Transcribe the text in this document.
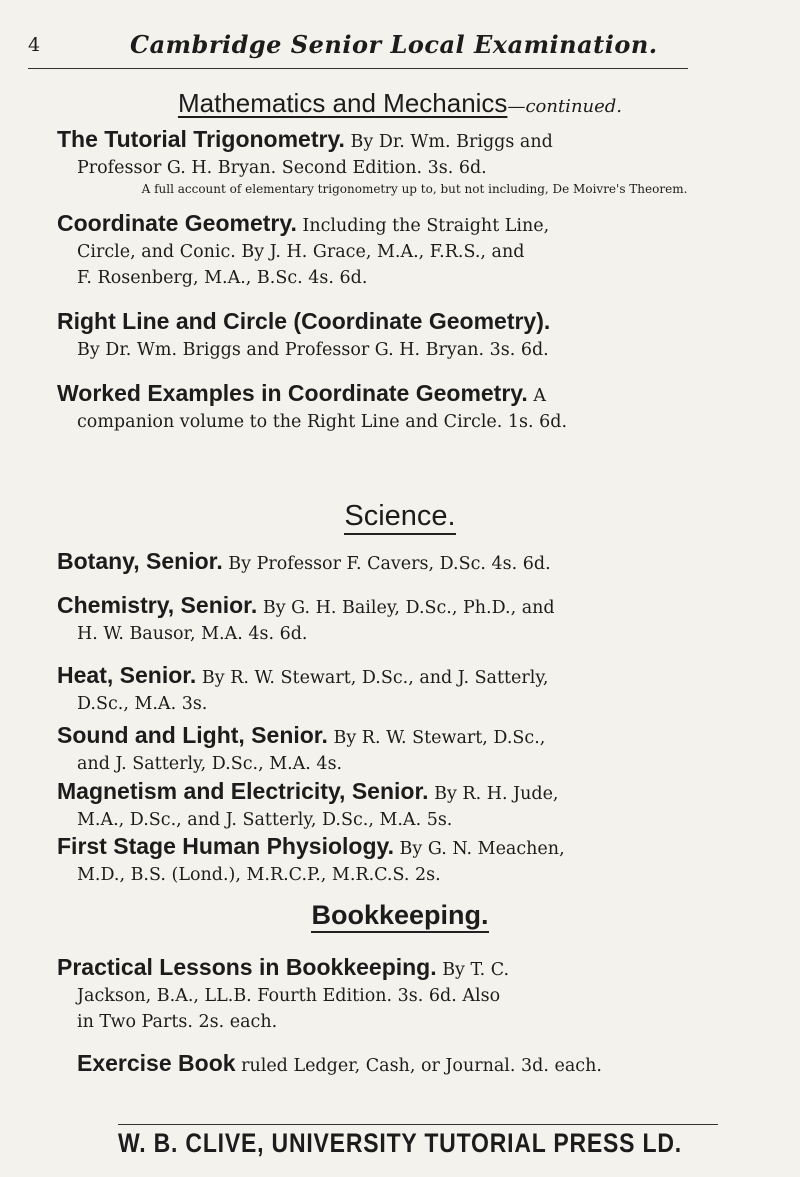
4	Cambridge Senior Local Examination.
Mathematics and Mechanics—continued.
The Tutorial Trigonometry. By Dr. Wm. Briggs and
Professor G. H. Bryan. Second Edition. 3s. 6d.
A full account of elementary trigonometry up to, but not including, De Moivre's Theorem.
Coordinate Geometry. Including the Straight Line,
Circle, and Conic. By J. H. Grace, M.A., F.R.S., and
F. Rosenberg, M.A., B.Sc. 4s. 6d.
Right Line and Circle (Coordinate Geometry).
By Dr. Wm. Briggs and Professor G. H. Bryan. 3s. 6d.
Worked Examples in Coordinate Geometry. A
companion volume to the Right Line and Circle. 1s. 6d.
Science.
Botany, Senior. By Professor F. Cavers, D.Sc. 4s. 6d.
Chemistry, Senior. By G. H. Bailey, D.Sc., Ph.D., and
H. W. Bausor, M.A. 4s. 6d.
Heat, Senior. By R. W. Stewart, D.Sc., and J. Satterly,
D.Sc., M.A. 3s.
Sound and Light, Senior. By R. W. Stewart, D.Sc.,
and J. Satterly, D.Sc., M.A. 4s.
Magnetism and Electricity, Senior. By R. H. Jude,
M.A., D.Sc., and J. Satterly, D.Sc., M.A. 5s.
First Stage Human Physiology. By G. N. Meachen,
M.D., B.S. (Lond.), M.R.C.P., M.R.C.S. 2s.
Bookkeeping.
Practical Lessons in Bookkeeping. By T. C.
Jackson, B.A., LL.B. Fourth Edition. 3s. 6d. Also
in Two Parts. 2s. each.
Exercise Book ruled Ledger, Cash, or Journal. 3d. each.
W. B. CLIVE, UNIVERSITY TUTORIAL PRESS LD.
